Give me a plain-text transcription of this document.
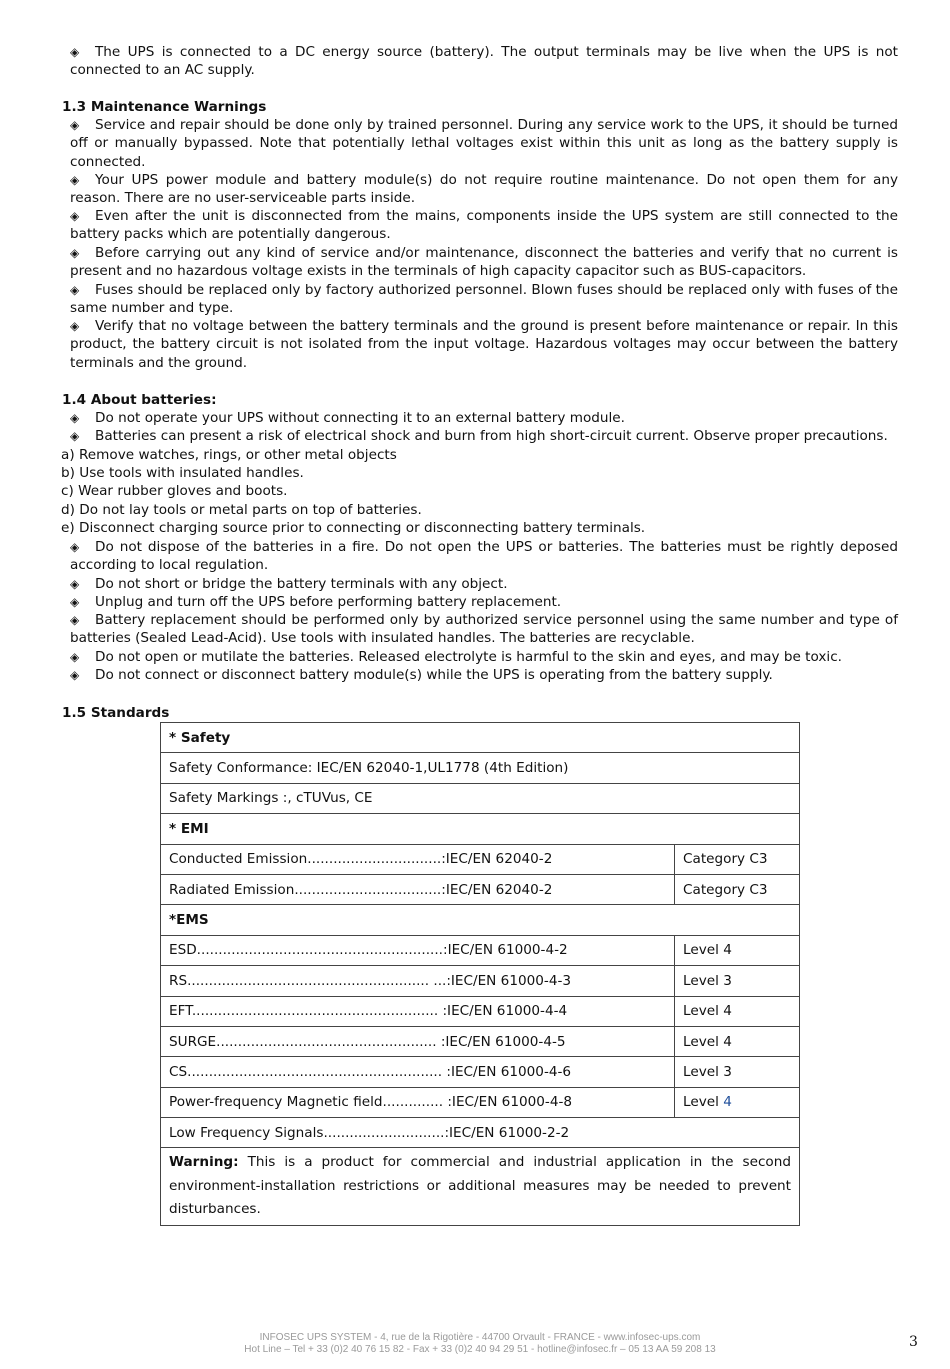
◈ The UPS is connected to a DC energy source (battery). The output terminals may be live when the UPS is not connected to an AC supply.

1.3 Maintenance Warnings

◈ Service and repair should be done only by trained personnel. During any service work to the UPS, it should be turned off or manually bypassed. Note that potentially lethal voltages exist within this unit as long as the battery supply is connected.

◈ Your UPS power module and battery module(s) do not require routine maintenance. Do not open them for any reason. There are no user-serviceable parts inside.

◈ Even after the unit is disconnected from the mains, components inside the UPS system are still connected to the battery packs which are potentially dangerous.

◈ Before carrying out any kind of service and/or maintenance, disconnect the batteries and verify that no current is present and no hazardous voltage exists in the terminals of high capacity capacitor such as BUS-capacitors.

◈ Fuses should be replaced only by factory authorized personnel. Blown fuses should be replaced only with fuses of the same number and type.

◈ Verify that no voltage between the battery terminals and the ground is present before maintenance or repair. In this product, the battery circuit is not isolated from the input voltage. Hazardous voltages may occur between the battery terminals and the ground.

1.4 About batteries:

◈ Do not operate your UPS without connecting it to an external battery module.

◈ Batteries can present a risk of electrical shock and burn from high short-circuit current. Observe proper precautions.

a) Remove watches, rings, or other metal objects

b) Use tools with insulated handles.

c) Wear rubber gloves and boots.

d) Do not lay tools or metal parts on top of batteries.

e) Disconnect charging source prior to connecting or disconnecting battery terminals.

◈ Do not dispose of the batteries in a fire. Do not open the UPS or batteries. The batteries must be rightly deposed according to local regulation.

◈ Do not short or bridge the battery terminals with any object.

◈ Unplug and turn off the UPS before performing battery replacement.

◈ Battery replacement should be performed only by authorized service personnel using the same number and type of batteries (Sealed Lead-Acid). Use tools with insulated handles. The batteries are recyclable.

◈ Do not open or mutilate the batteries. Released electrolyte is harmful to the skin and eyes, and may be toxic.

◈ Do not connect or disconnect battery module(s) while the UPS is operating from the battery supply.

1.5 Standards

* Safety	
Safety Conformance: IEC/EN 62040-1,UL1778 (4th Edition)	
Safety Markings :, cTUVus, CE	
* EMI	
Conducted Emission...............................:IEC/EN 62040-2	Category C3
Radiated Emission..................................:IEC/EN 62040-2	Category C3
*EMS	
ESD.........................................................:IEC/EN 61000-4-2	Level 4
RS........................................................ ...:IEC/EN 61000-4-3	Level 3
EFT......................................................... :IEC/EN 61000-4-4	Level 4
SURGE................................................... :IEC/EN 61000-4-5	Level 4
CS........................................................... :IEC/EN 61000-4-6	Level 3
Power-frequency Magnetic field.............. :IEC/EN 61000-4-8	Level 4
Low Frequency Signals............................:IEC/EN 61000-2-2	
Warning: This is a product for commercial and industrial application in the second environment-installation restrictions or additional measures may be needed to prevent disturbances.	
INFOSEC UPS SYSTEM - 4, rue de la Rigotière - 44700 Orvault - FRANCE - www.infosec-ups.com
Hot Line – Tel + 33 (0)2 40 76 15 82 - Fax + 33 (0)2 40 94 29 51 - hotline@infosec.fr – 05 13 AA 59 208 13	3
